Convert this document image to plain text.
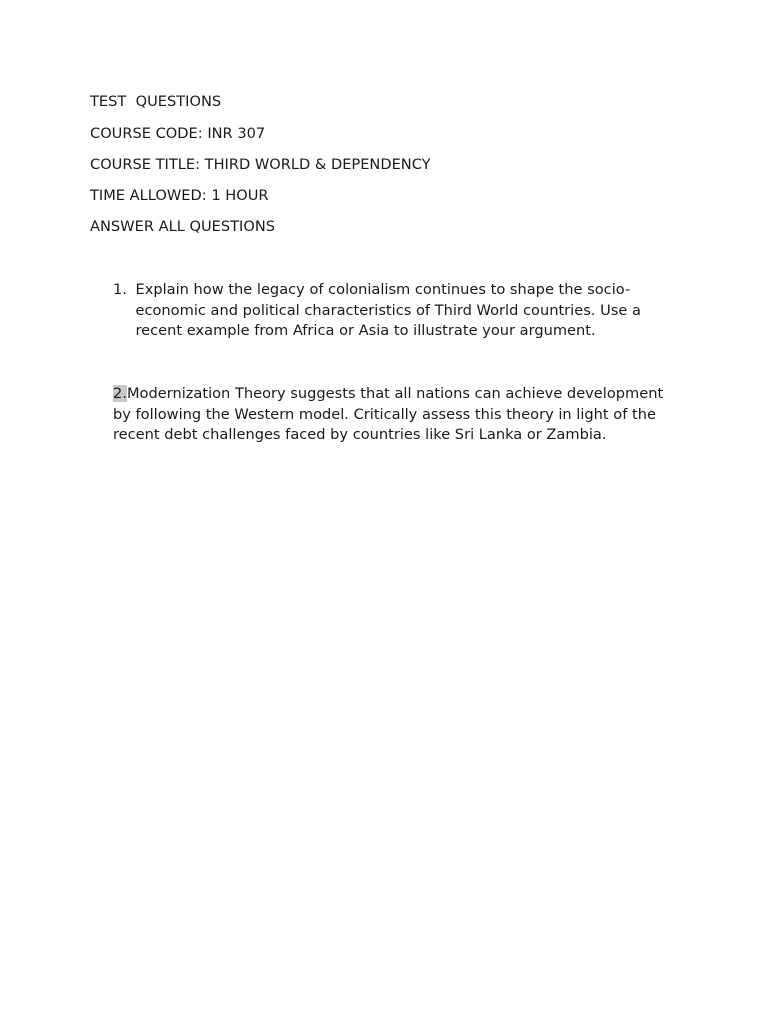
TEST  QUESTIONS
COURSE CODE: INR 307
COURSE TITLE: THIRD WORLD & DEPENDENCY
TIME ALLOWED: 1 HOUR
ANSWER ALL QUESTIONS
1. Explain how the legacy of colonialism continues to shape the socio-economic and political characteristics of Third World countries. Use a recent example from Africa or Asia to illustrate your argument.
2.Modernization Theory suggests that all nations can achieve development by following the Western model. Critically assess this theory in light of the recent debt challenges faced by countries like Sri Lanka or Zambia.
